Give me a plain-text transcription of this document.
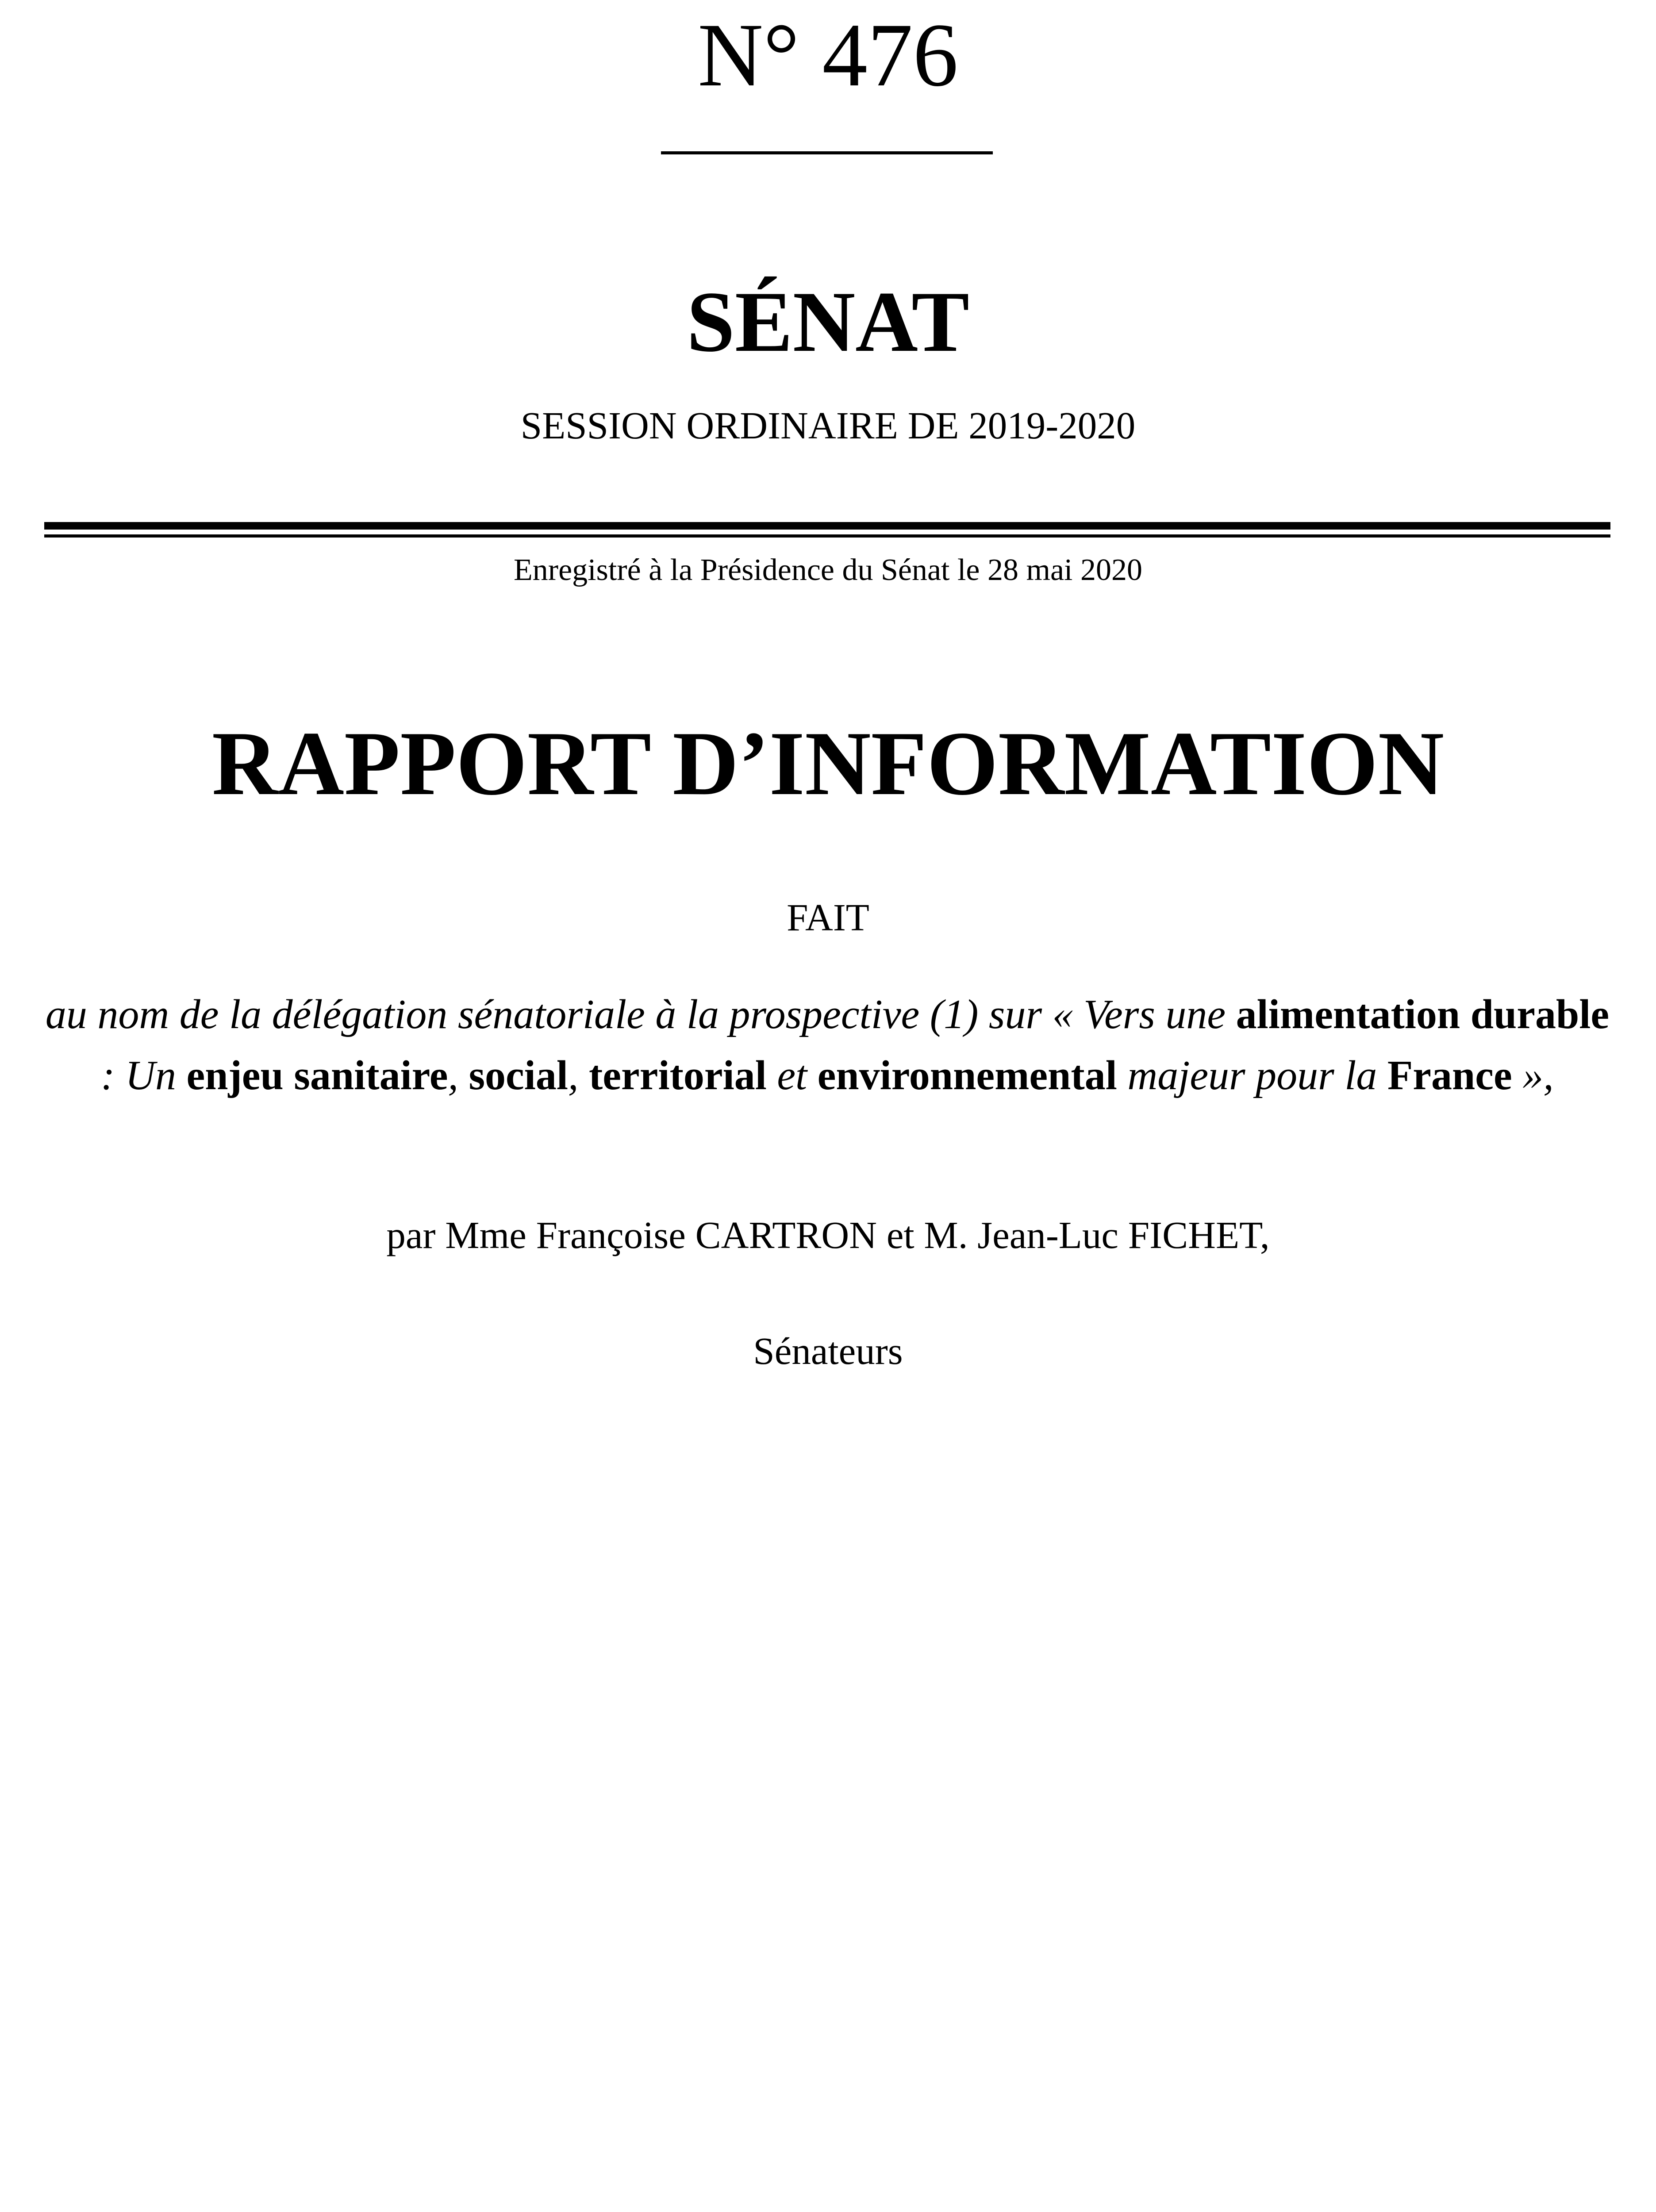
N° 476
SÉNAT
SESSION ORDINAIRE DE 2019-2020
Enregistré à la Présidence du Sénat le 28 mai 2020
RAPPORT D’INFORMATION
FAIT
au nom de la délégation sénatoriale à la prospective (1) sur « Vers une alimentation durable : Un enjeu sanitaire, social, territorial et environnemental majeur pour la France »,
par Mme Françoise CARTRON et M. Jean-Luc FICHET,
Sénateurs
